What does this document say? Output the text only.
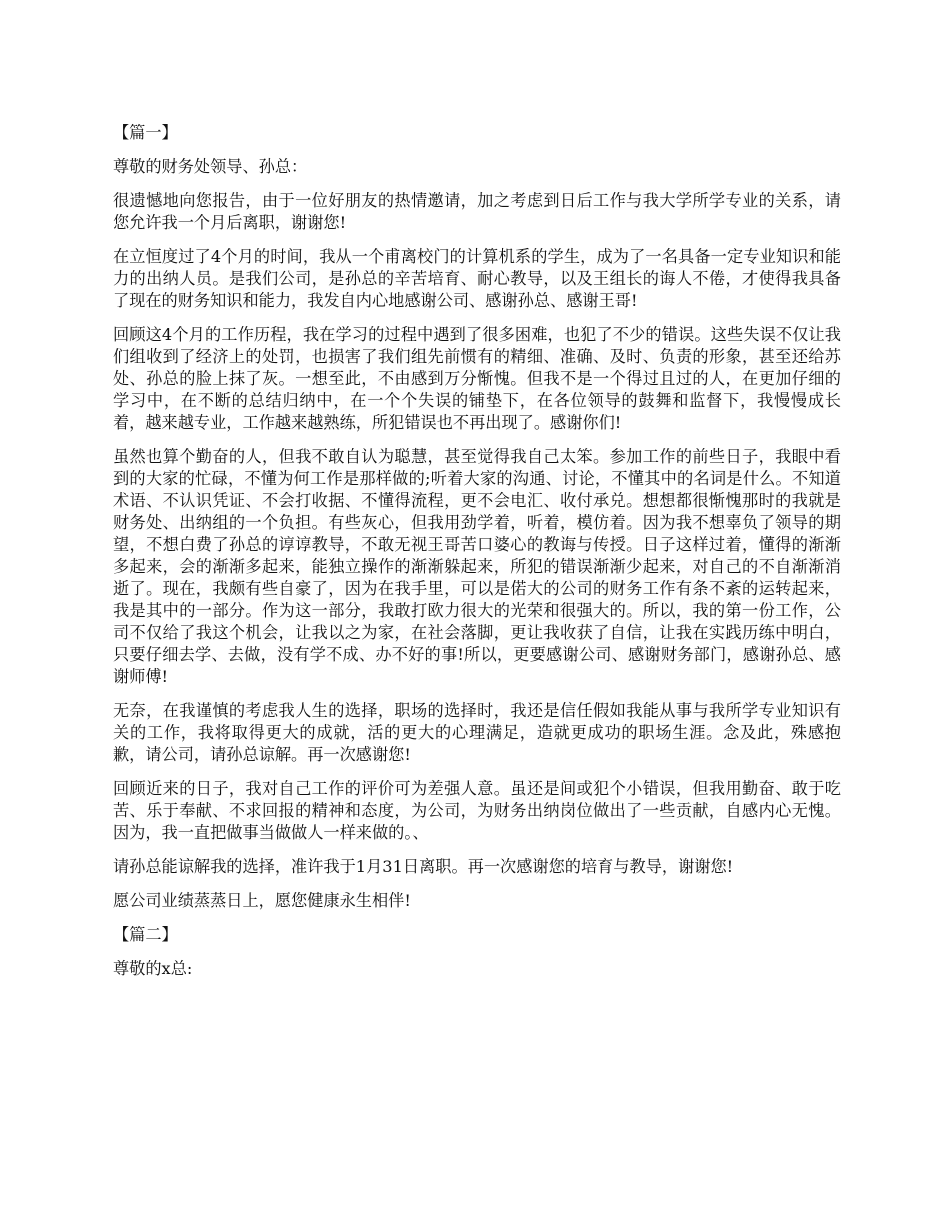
【篇一】

尊敬的财务处领导、孙总：

很遗憾地向您报告，由于一位好朋友的热情邀请，加之考虑到日后工作与我大学所学专业的关系，请您允许我一个月后离职，谢谢您!

在立恒度过了4个月的时间，我从一个甫离校门的计算机系的学生，成为了一名具备一定专业知识和能力的出纳人员。是我们公司，是孙总的辛苦培育、耐心教导，以及王组长的诲人不倦，才使得我具备了现在的财务知识和能力，我发自内心地感谢公司、感谢孙总、感谢王哥!

回顾这4个月的工作历程，我在学习的过程中遇到了很多困难，也犯了不少的错误。这些失误不仅让我们组收到了经济上的处罚，也损害了我们组先前惯有的精细、准确、及时、负责的形象，甚至还给苏处、孙总的脸上抹了灰。一想至此，不由感到万分惭愧。但我不是一个得过且过的人，在更加仔细的学习中，在不断的总结归纳中，在一个个失误的铺垫下，在各位领导的鼓舞和监督下，我慢慢成长着，越来越专业，工作越来越熟练，所犯错误也不再出现了。感谢你们!

虽然也算个勤奋的人，但我不敢自认为聪慧，甚至觉得我自己太笨。参加工作的前些日子，我眼中看到的大家的忙碌，不懂为何工作是那样做的;听着大家的沟通、讨论，不懂其中的名词是什么。不知道术语、不认识凭证、不会打收据、不懂得流程，更不会电汇、收付承兑。想想都很惭愧那时的我就是财务处、出纳组的一个负担。有些灰心，但我用劲学着，听着，模仿着。因为我不想辜负了领导的期望，不想白费了孙总的谆谆教导，不敢无视王哥苦口婆心的教诲与传授。日子这样过着，懂得的渐渐多起来，会的渐渐多起来，能独立操作的渐渐躲起来，所犯的错误渐渐少起来，对自己的不自渐渐消逝了。现在，我颇有些自豪了，因为在我手里，可以是偌大的公司的财务工作有条不紊的运转起来，我是其中的一部分。作为这一部分，我敢打欧力很大的光荣和很强大的。所以，我的第一份工作，公司不仅给了我这个机会，让我以之为家，在社会落脚，更让我收获了自信，让我在实践历练中明白，只要仔细去学、去做，没有学不成、办不好的事!所以，更要感谢公司、感谢财务部门，感谢孙总、感谢师傅!

无奈，在我谨慎的考虑我人生的选择，职场的选择时，我还是信任假如我能从事与我所学专业知识有关的工作，我将取得更大的成就，活的更大的心理满足，造就更成功的职场生涯。念及此，殊感抱歉，请公司，请孙总谅解。再一次感谢您!

回顾近来的日子，我对自己工作的评价可为差强人意。虽还是间或犯个小错误，但我用勤奋、敢于吃苦、乐于奉献、不求回报的精神和态度，为公司，为财务出纳岗位做出了一些贡献，自感内心无愧。因为，我一直把做事当做做人一样来做的。、

请孙总能谅解我的选择，准许我于1月31日离职。再一次感谢您的培育与教导，谢谢您!

愿公司业绩蒸蒸日上，愿您健康永生相伴!

【篇二】

尊敬的x总:
